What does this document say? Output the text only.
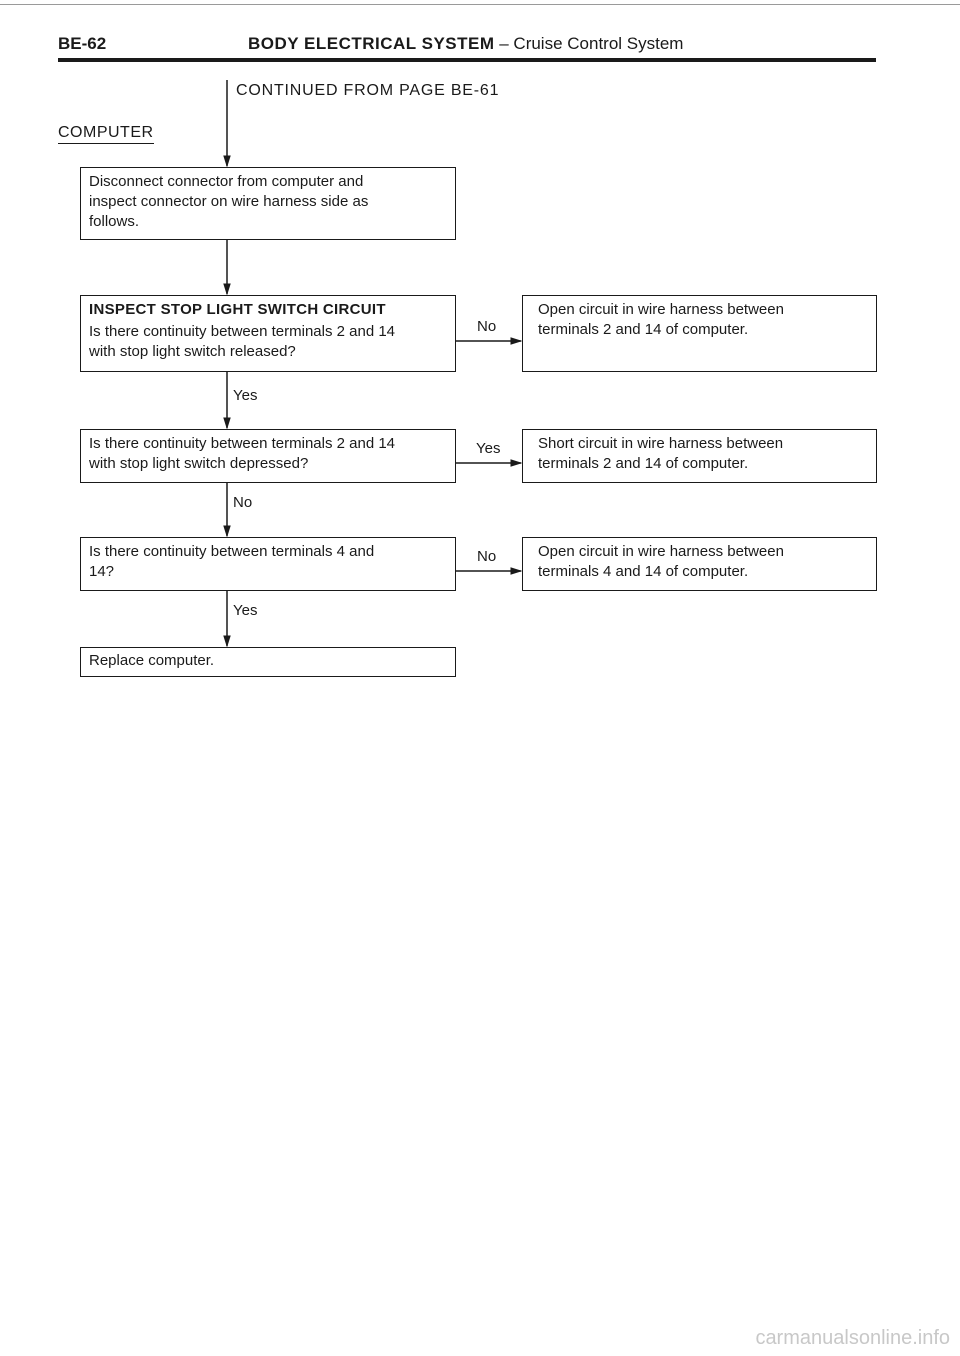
BE-62	BODY ELECTRICAL SYSTEM – Cruise Control System
CONTINUED FROM PAGE BE-61
COMPUTER
Disconnect connector from computer and
inspect connector on wire harness side as
follows.
INSPECT STOP LIGHT SWITCH CIRCUIT
Is there continuity between terminals 2 and 14
with stop light switch released?
Is there continuity between terminals 2 and 14
with stop light switch depressed?
Is there continuity between terminals 4 and
14?
Replace computer.
Open circuit in wire harness between
terminals 2 and 14 of computer.
Short circuit in wire harness between
terminals 2 and 14 of computer.
Open circuit in wire harness between
terminals 4 and 14 of computer.
Yes
No
Yes
No
Yes
No
carmanualsonline.info
